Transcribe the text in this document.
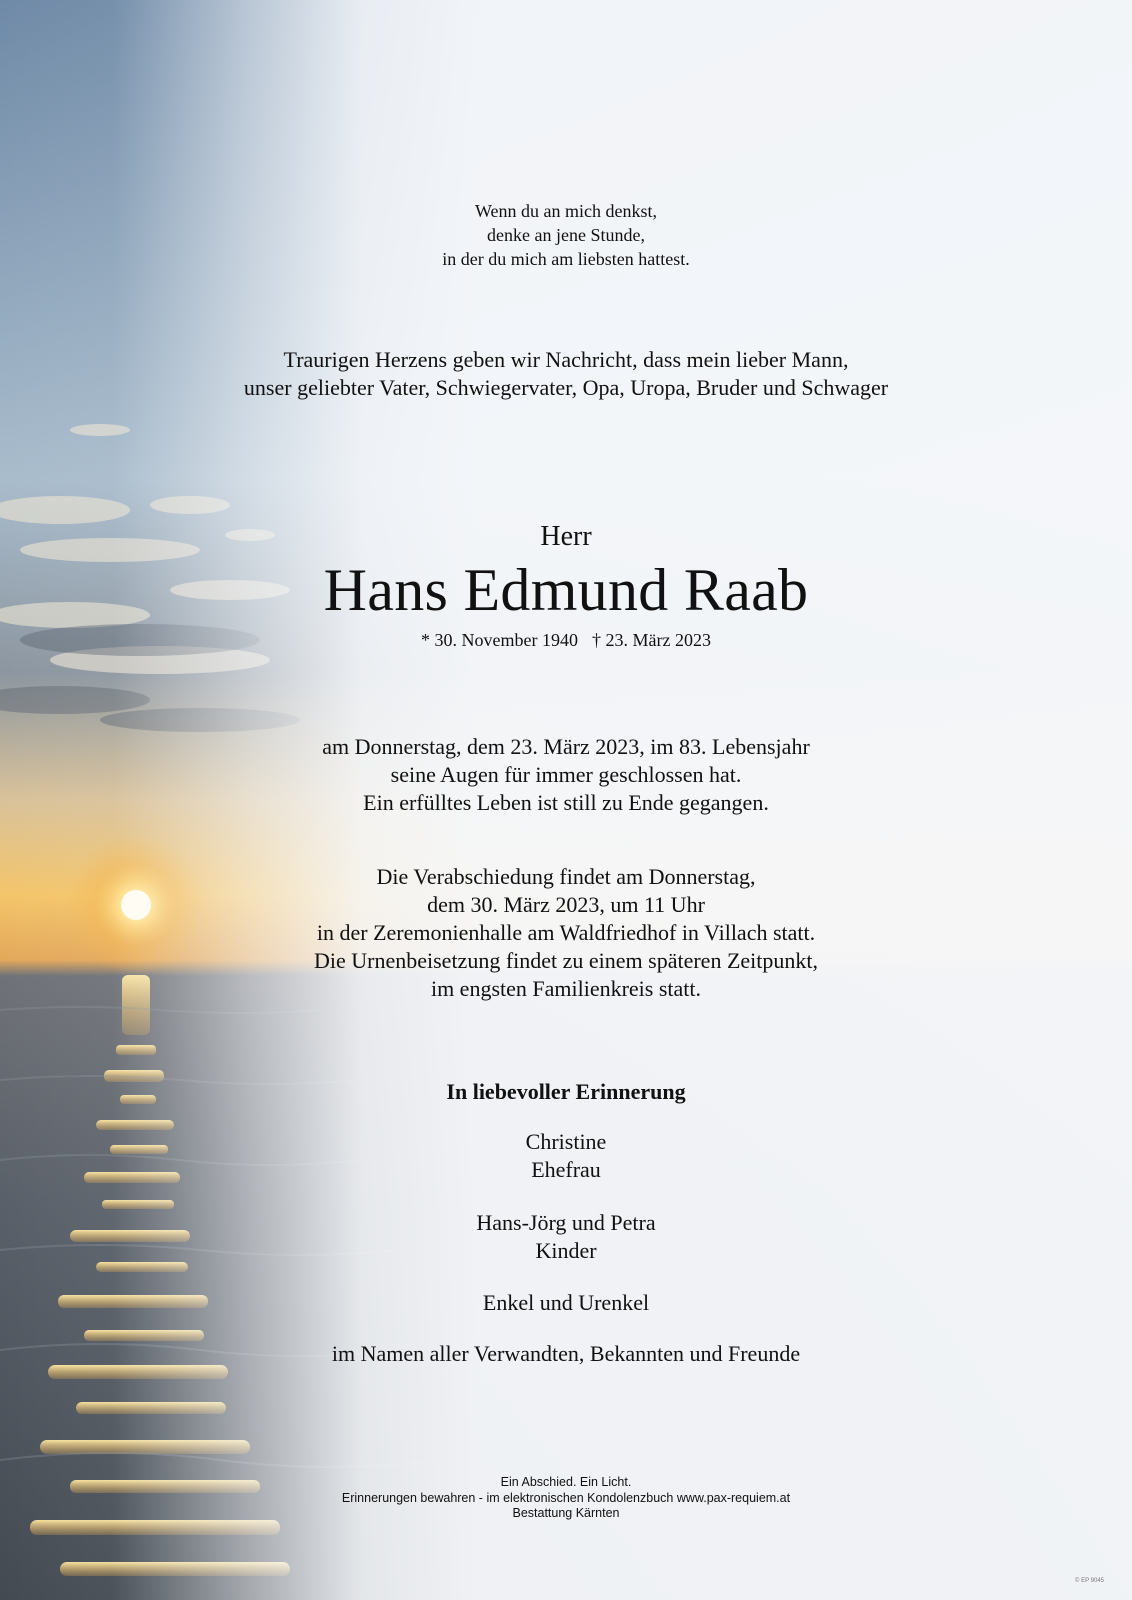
Wenn du an mich denkst,
denke an jene Stunde,
in der du mich am liebsten hattest.
Traurigen Herzens geben wir Nachricht, dass mein lieber Mann,
unser geliebter Vater, Schwiegervater, Opa, Uropa, Bruder und Schwager
Herr
Hans Edmund Raab
* 30. November 1940 † 23. März 2023
am Donnerstag, dem 23. März 2023, im 83. Lebensjahr
seine Augen für immer geschlossen hat.
Ein erfülltes Leben ist still zu Ende gegangen.
Die Verabschiedung findet am Donnerstag,
dem 30. März 2023, um 11 Uhr
in der Zeremonienhalle am Waldfriedhof in Villach statt.
Die Urnenbeisetzung findet zu einem späteren Zeitpunkt,
im engsten Familienkreis statt.
In liebevoller Erinnerung
Christine
Ehefrau
Hans-Jörg und Petra
Kinder
Enkel und Urenkel
im Namen aller Verwandten, Bekannten und Freunde
Ein Abschied. Ein Licht.
Erinnerungen bewahren - im elektronischen Kondolenzbuch www.pax-requiem.at
Bestattung Kärnten
© EP 9045
